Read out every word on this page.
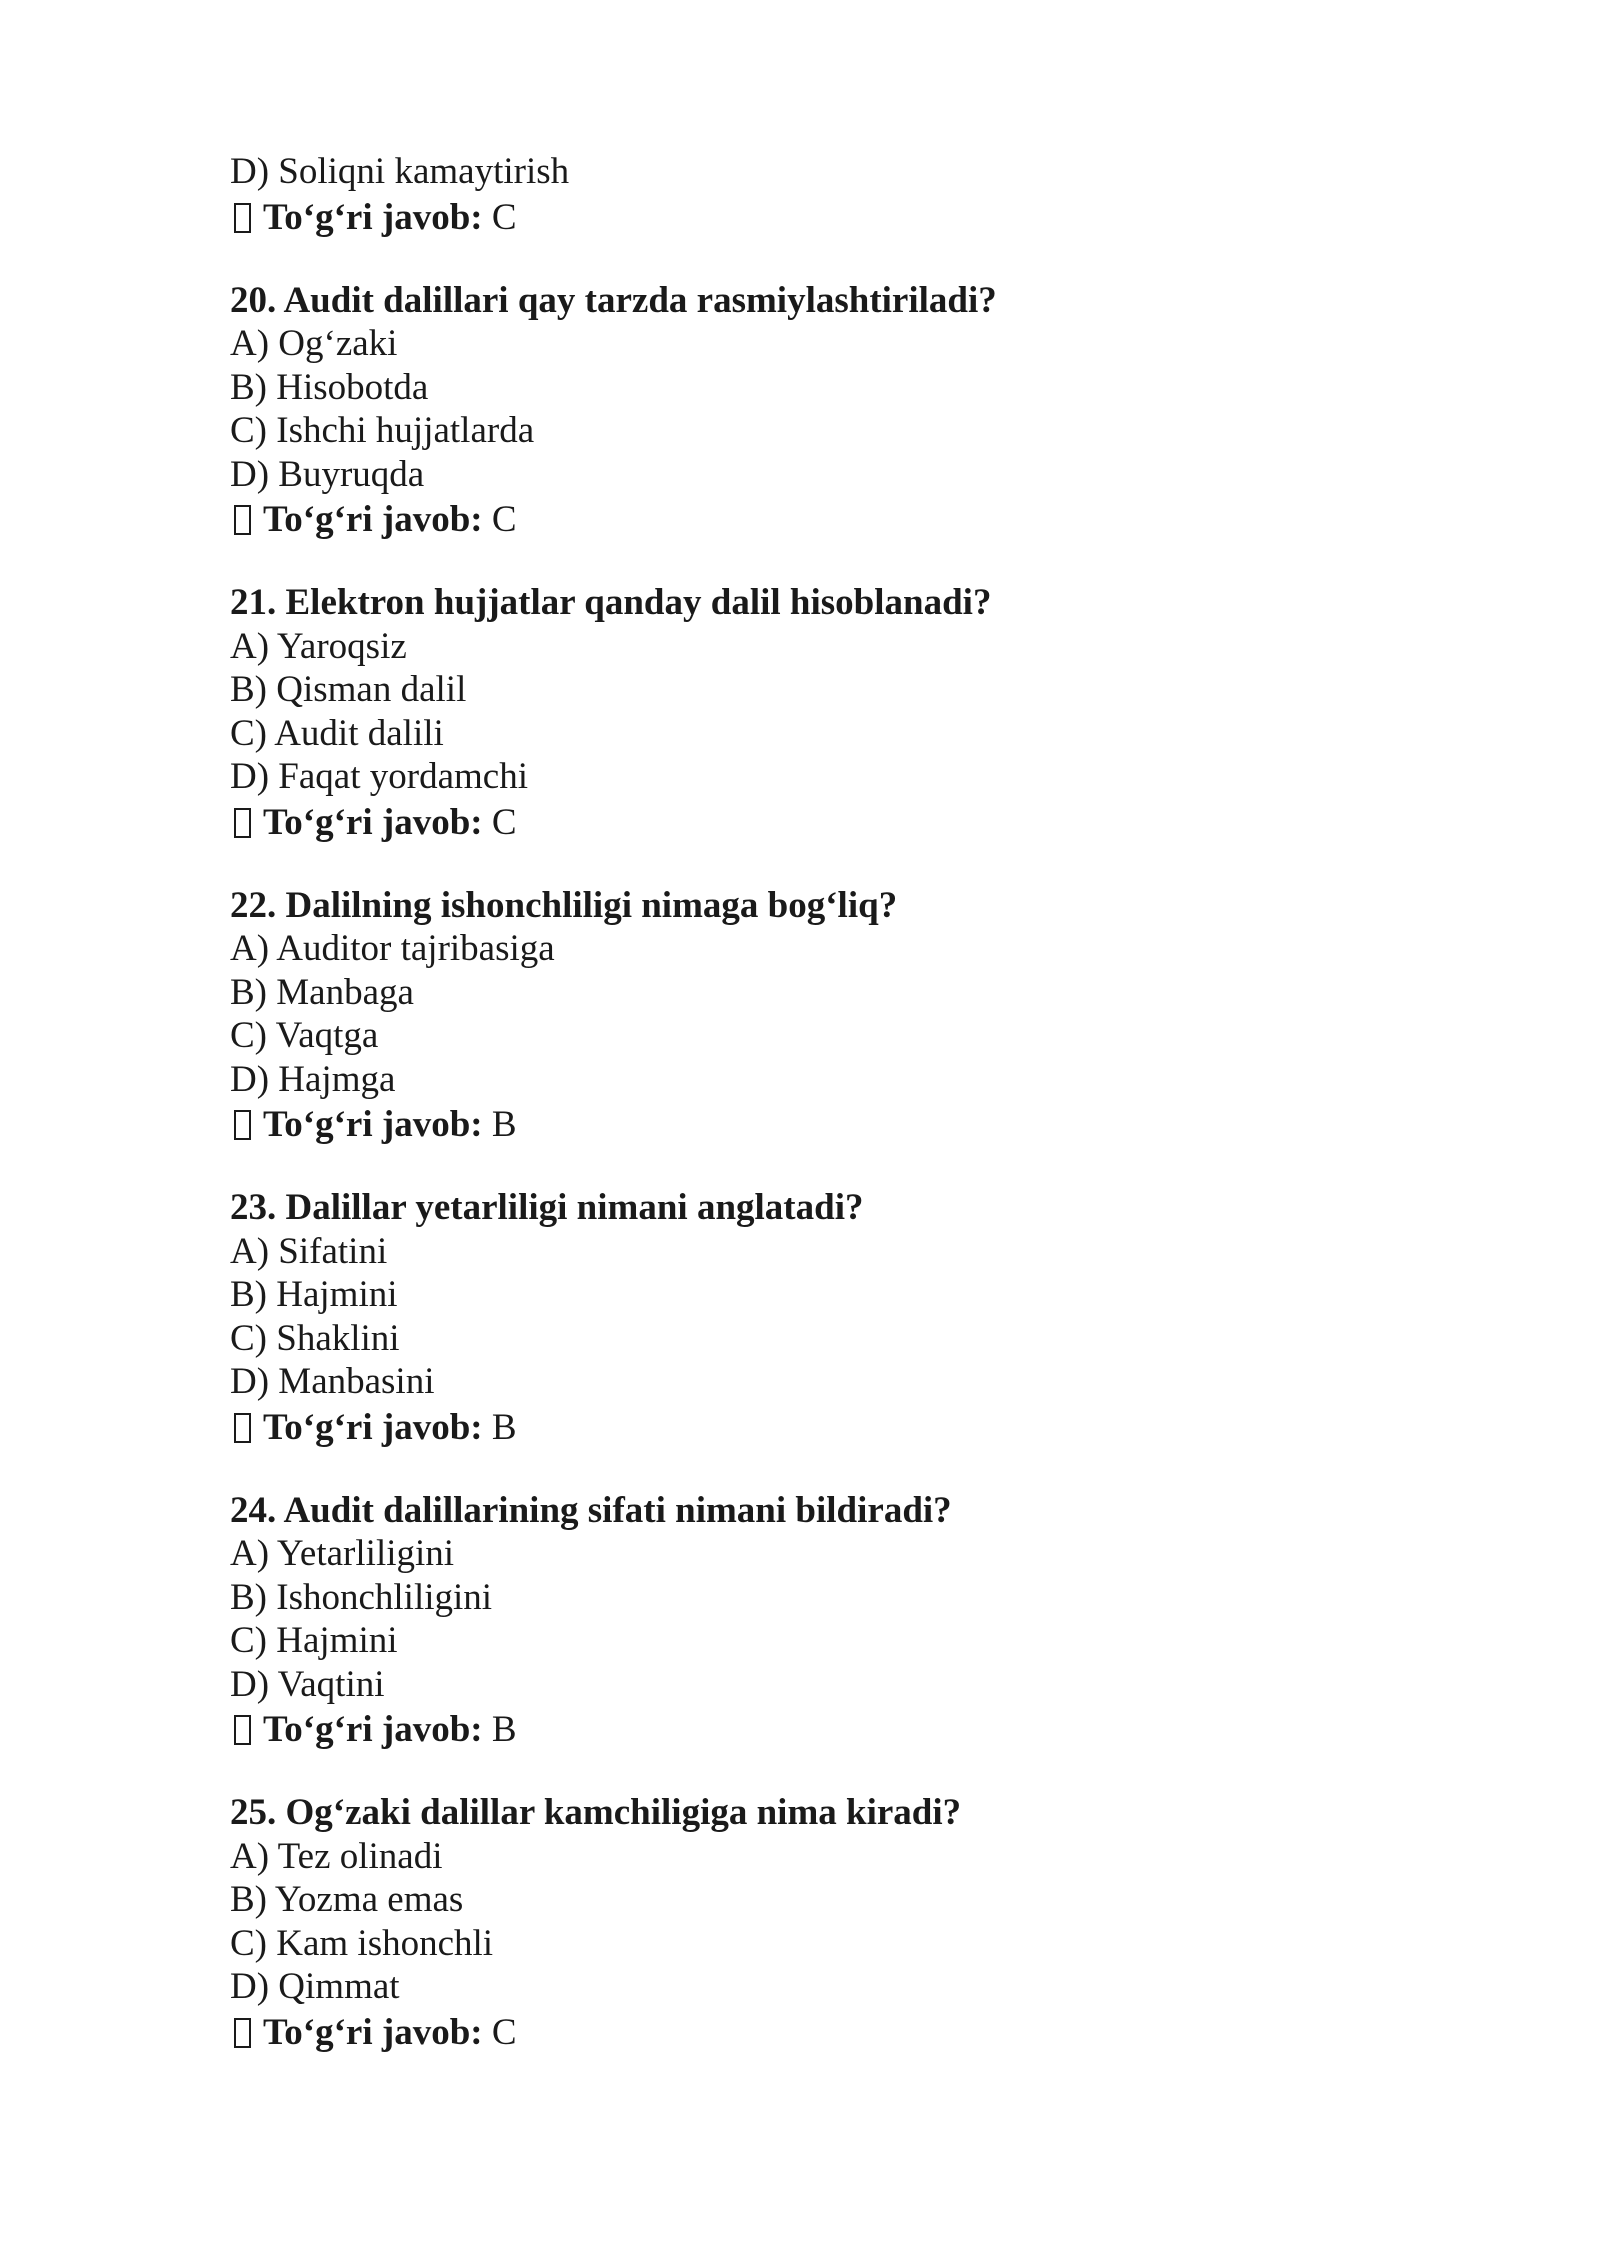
D) Soliqni kamaytirish
To‘g‘ri javob: C
20. Audit dalillari qay tarzda rasmiylashtiriladi?
A) Og‘zaki
B) Hisobotda
C) Ishchi hujjatlarda
D) Buyruqda
To‘g‘ri javob: C
21. Elektron hujjatlar qanday dalil hisoblanadi?
A) Yaroqsiz
B) Qisman dalil
C) Audit dalili
D) Faqat yordamchi
To‘g‘ri javob: C
22. Dalilning ishonchliligi nimaga bog‘liq?
A) Auditor tajribasiga
B) Manbaga
C) Vaqtga
D) Hajmga
To‘g‘ri javob: B
23. Dalillar yetarliligi nimani anglatadi?
A) Sifatini
B) Hajmini
C) Shaklini
D) Manbasini
To‘g‘ri javob: B
24. Audit dalillarining sifati nimani bildiradi?
A) Yetarliligini
B) Ishonchliligini
C) Hajmini
D) Vaqtini
To‘g‘ri javob: B
25. Og‘zaki dalillar kamchiligiga nima kiradi?
A) Tez olinadi
B) Yozma emas
C) Kam ishonchli
D) Qimmat
To‘g‘ri javob: C
